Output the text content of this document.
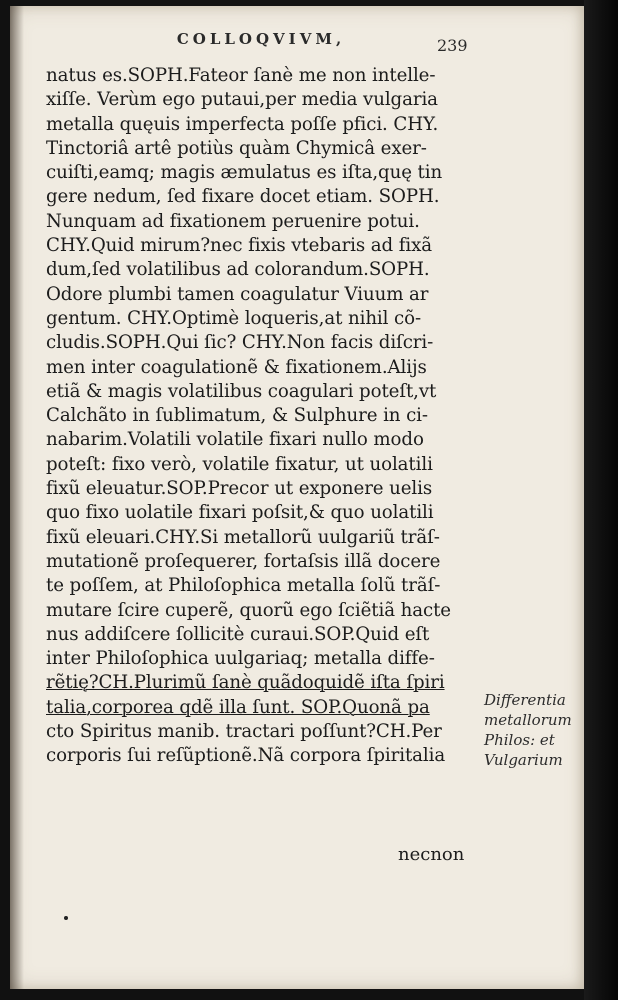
COLLOQVIVM,	239
natus es.SOPH.Fateor ſanè me non intelle-
xiſſe. Verùm ego putaui,per media vulgaria
metalla quęuis imperfecta poſſe pfici. CHY.
Tinctoriâ artê potiùs quàm Chymicâ exer-
cuiſti,eamq; magis æmulatus es iſta,quę tin
gere nedum, ſed fixare docet etiam. SOPH.
Nunquam ad fixationem peruenire potui.
CHY.Quid mirum?nec fixis vtebaris ad fixã
dum,ſed volatilibus ad colorandum.SOPH.
Odore plumbi tamen coagulatur Viuum ar
gentum. CHY.Optimè loqueris,at nihil cõ-
cludis.SOPH.Qui ſic? CHY.Non facis diſcri-
men inter coagulationẽ & fixationem.Alijs
etiã & magis volatilibus coagulari poteſt,vt
Calchãto in ſublimatum, & Sulphure in ci-
nabarim.Volatili volatile fixari nullo modo
poteſt: fixo verò, volatile fixatur, ut uolatili
fixũ eleuatur.SOP.Precor ut exponere uelis
quo fixo uolatile fixari poſsit,& quo uolatili
fixũ eleuari.CHY.Si metallorũ uulgariũ trãſ-
mutationẽ proſequerer, fortaſsis illã docere
te poſſem, at Philoſophica metalla ſolũ trãſ-
mutare ſcire cuperẽ, quorũ ego ſciẽtiã hacte
nus addiſcere ſollicitè curaui.SOP.Quid eſt
inter Philoſophica uulgariaq; metalla diffe-
rẽtię?CH.Plurimũ ſanè quãdoquidẽ iſta ſpiri
talia,corporea qdẽ illa ſunt. SOP.Quonã pa
cto Spiritus manib. tractari poſſunt?CH.Per
corporis ſui reſũptionẽ.Nã corpora ſpiritalia
necnon
Differentia
metallorum
Philos: et
Vulgarium
